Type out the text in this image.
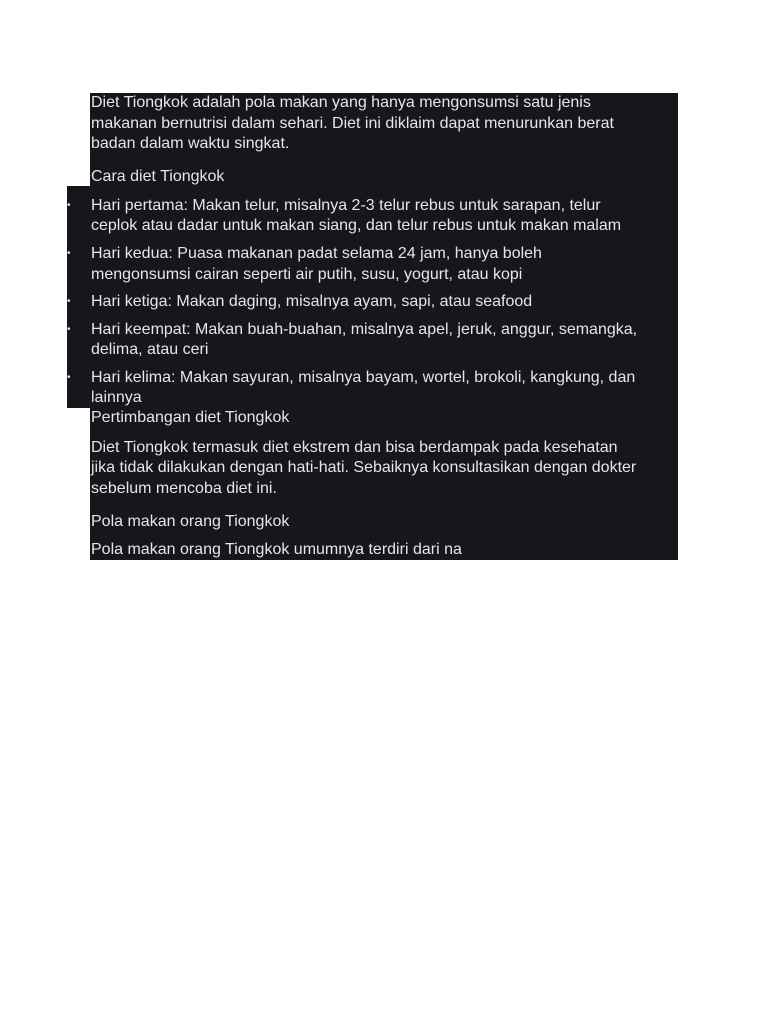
Diet Tiongkok adalah pola makan yang hanya mengonsumsi satu jenis
makanan bernutrisi dalam sehari. Diet ini diklaim dapat menurunkan berat
badan dalam waktu singkat.
Cara diet Tiongkok
• Hari pertama: Makan telur, misalnya 2-3 telur rebus untuk sarapan, telur
ceplok atau dadar untuk makan siang, dan telur rebus untuk makan malam
• Hari kedua: Puasa makanan padat selama 24 jam, hanya boleh
mengonsumsi cairan seperti air putih, susu, yogurt, atau kopi
• Hari ketiga: Makan daging, misalnya ayam, sapi, atau seafood
• Hari keempat: Makan buah-buahan, misalnya apel, jeruk, anggur, semangka,
delima, atau ceri
• Hari kelima: Makan sayuran, misalnya bayam, wortel, brokoli, kangkung, dan
lainnya
Pertimbangan diet Tiongkok
Diet Tiongkok termasuk diet ekstrem dan bisa berdampak pada kesehatan
jika tidak dilakukan dengan hati-hati. Sebaiknya konsultasikan dengan dokter
sebelum mencoba diet ini.
Pola makan orang Tiongkok
Pola makan orang Tiongkok umumnya terdiri dari na
